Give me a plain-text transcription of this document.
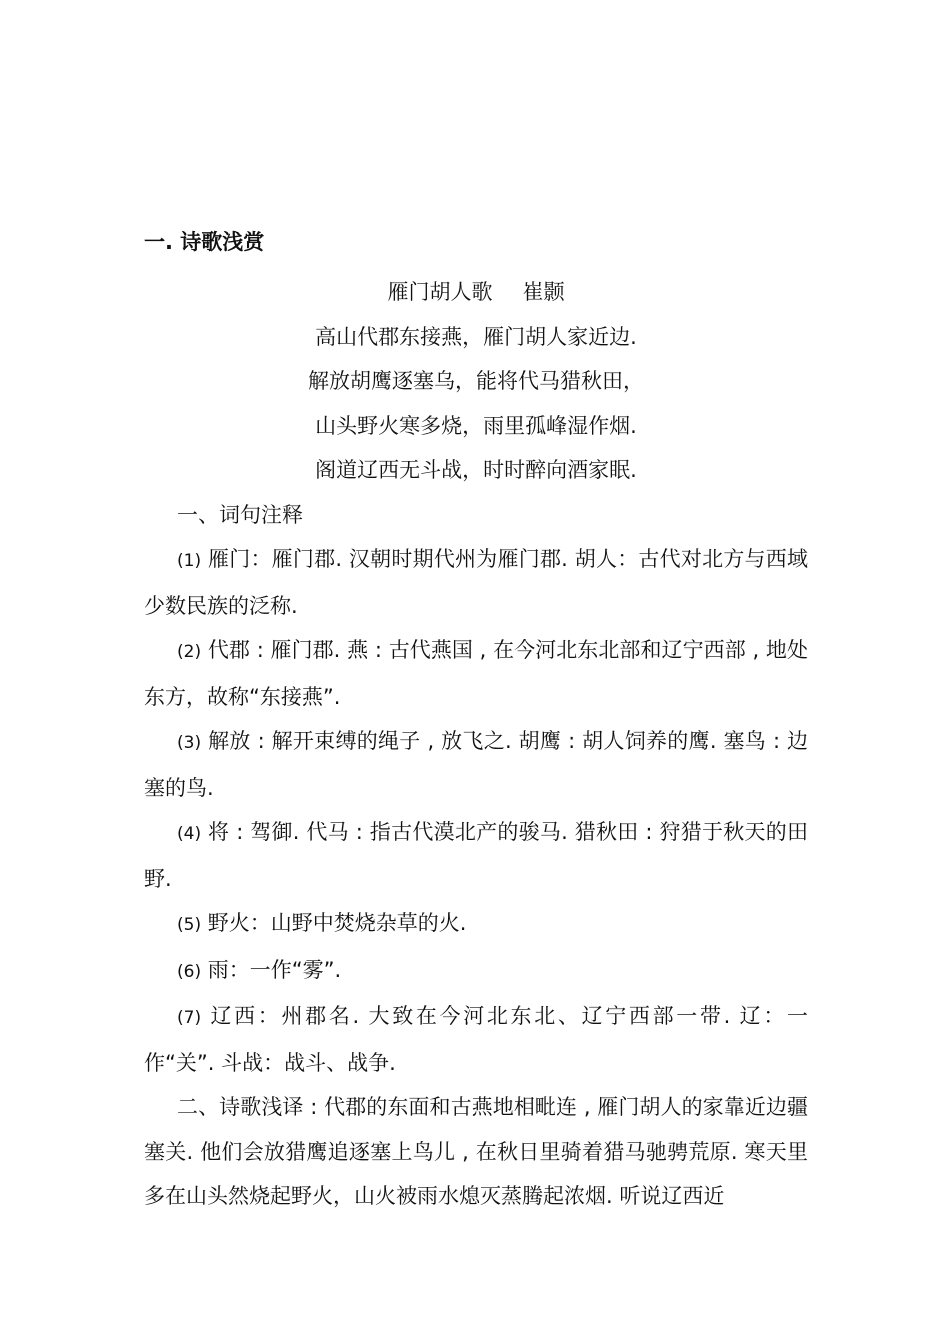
一. 诗歌浅赏
雁门胡人歌 崔颢
高山代郡东接燕，雁门胡人家近边.
解放胡鹰逐塞乌，能将代马猎秋田，
山头野火寒多烧，雨里孤峰湿作烟.
阁道辽西无斗战，时时醉向酒家眠.

一、词句注释

(1) 雁门：雁门郡. 汉朝时期代州为雁门郡. 胡人：古代对北方与西域少数民族的泛称.

(2) 代郡 : 雁门郡. 燕 : 古代燕国 , 在今河北东北部和辽宁西部 , 地处东方，故称“东接燕”.

(3) 解放 : 解开束缚的绳子 , 放飞之. 胡鹰 : 胡人饲养的鹰. 塞鸟 : 边塞的鸟.

(4) 将 : 驾御. 代马 : 指古代漠北产的骏马. 猎秋田 : 狩猎于秋天的田野.

(5) 野火：山野中焚烧杂草的火.

(6) 雨：一作“雾”.

(7) 辽西：州郡名. 大致在今河北东北、辽宁西部一带. 辽：一作“关”. 斗战：战斗、战争.

二、诗歌浅译 : 代郡的东面和古燕地相毗连 , 雁门胡人的家靠近边疆塞关. 他们会放猎鹰追逐塞上鸟儿 , 在秋日里骑着猎马驰骋荒原. 寒天里多在山头然烧起野火，山火被雨水熄灭蒸腾起浓烟. 听说辽西近
